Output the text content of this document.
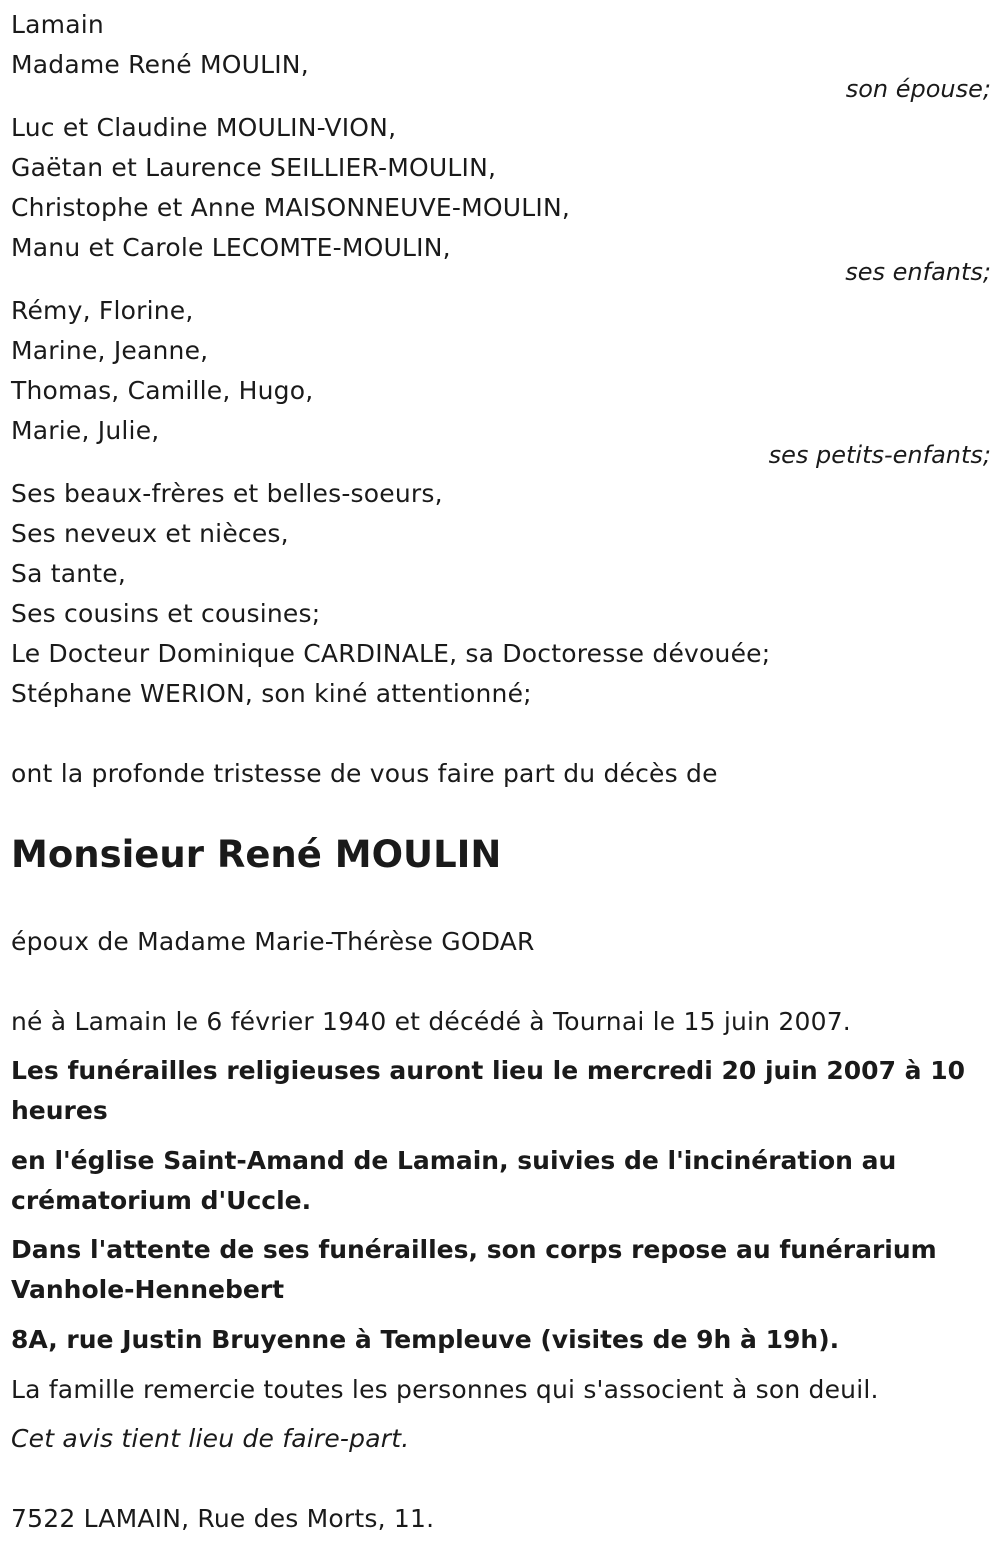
Lamain
Madame René MOULIN,
son épouse;
Luc et Claudine MOULIN-VION,
Gaëtan et Laurence SEILLIER-MOULIN,
Christophe et Anne MAISONNEUVE-MOULIN,
Manu et Carole LECOMTE-MOULIN,
ses enfants;
Rémy, Florine,
Marine, Jeanne,
Thomas, Camille, Hugo,
Marie, Julie,
ses petits-enfants;
Ses beaux-frères et belles-soeurs,
Ses neveux et nièces,
Sa tante,
Ses cousins et cousines;
Le Docteur Dominique CARDINALE, sa Doctoresse dévouée;
Stéphane WERION, son kiné attentionné;
ont la profonde tristesse de vous faire part du décès de
Monsieur René MOULIN
époux de Madame Marie-Thérèse GODAR
né à Lamain le 6 février 1940 et décédé à Tournai le 15 juin 2007.
Les funérailles religieuses auront lieu le mercredi 20 juin 2007 à 10 heures
en l'église Saint-Amand de Lamain, suivies de l'incinération au crématorium d'Uccle.
Dans l'attente de ses funérailles, son corps repose au funérarium Vanhole-Hennebert
8A, rue Justin Bruyenne à Templeuve (visites de 9h à 19h).
La famille remercie toutes les personnes qui s'associent à son deuil.
Cet avis tient lieu de faire-part.
7522 LAMAIN, Rue des Morts, 11.
